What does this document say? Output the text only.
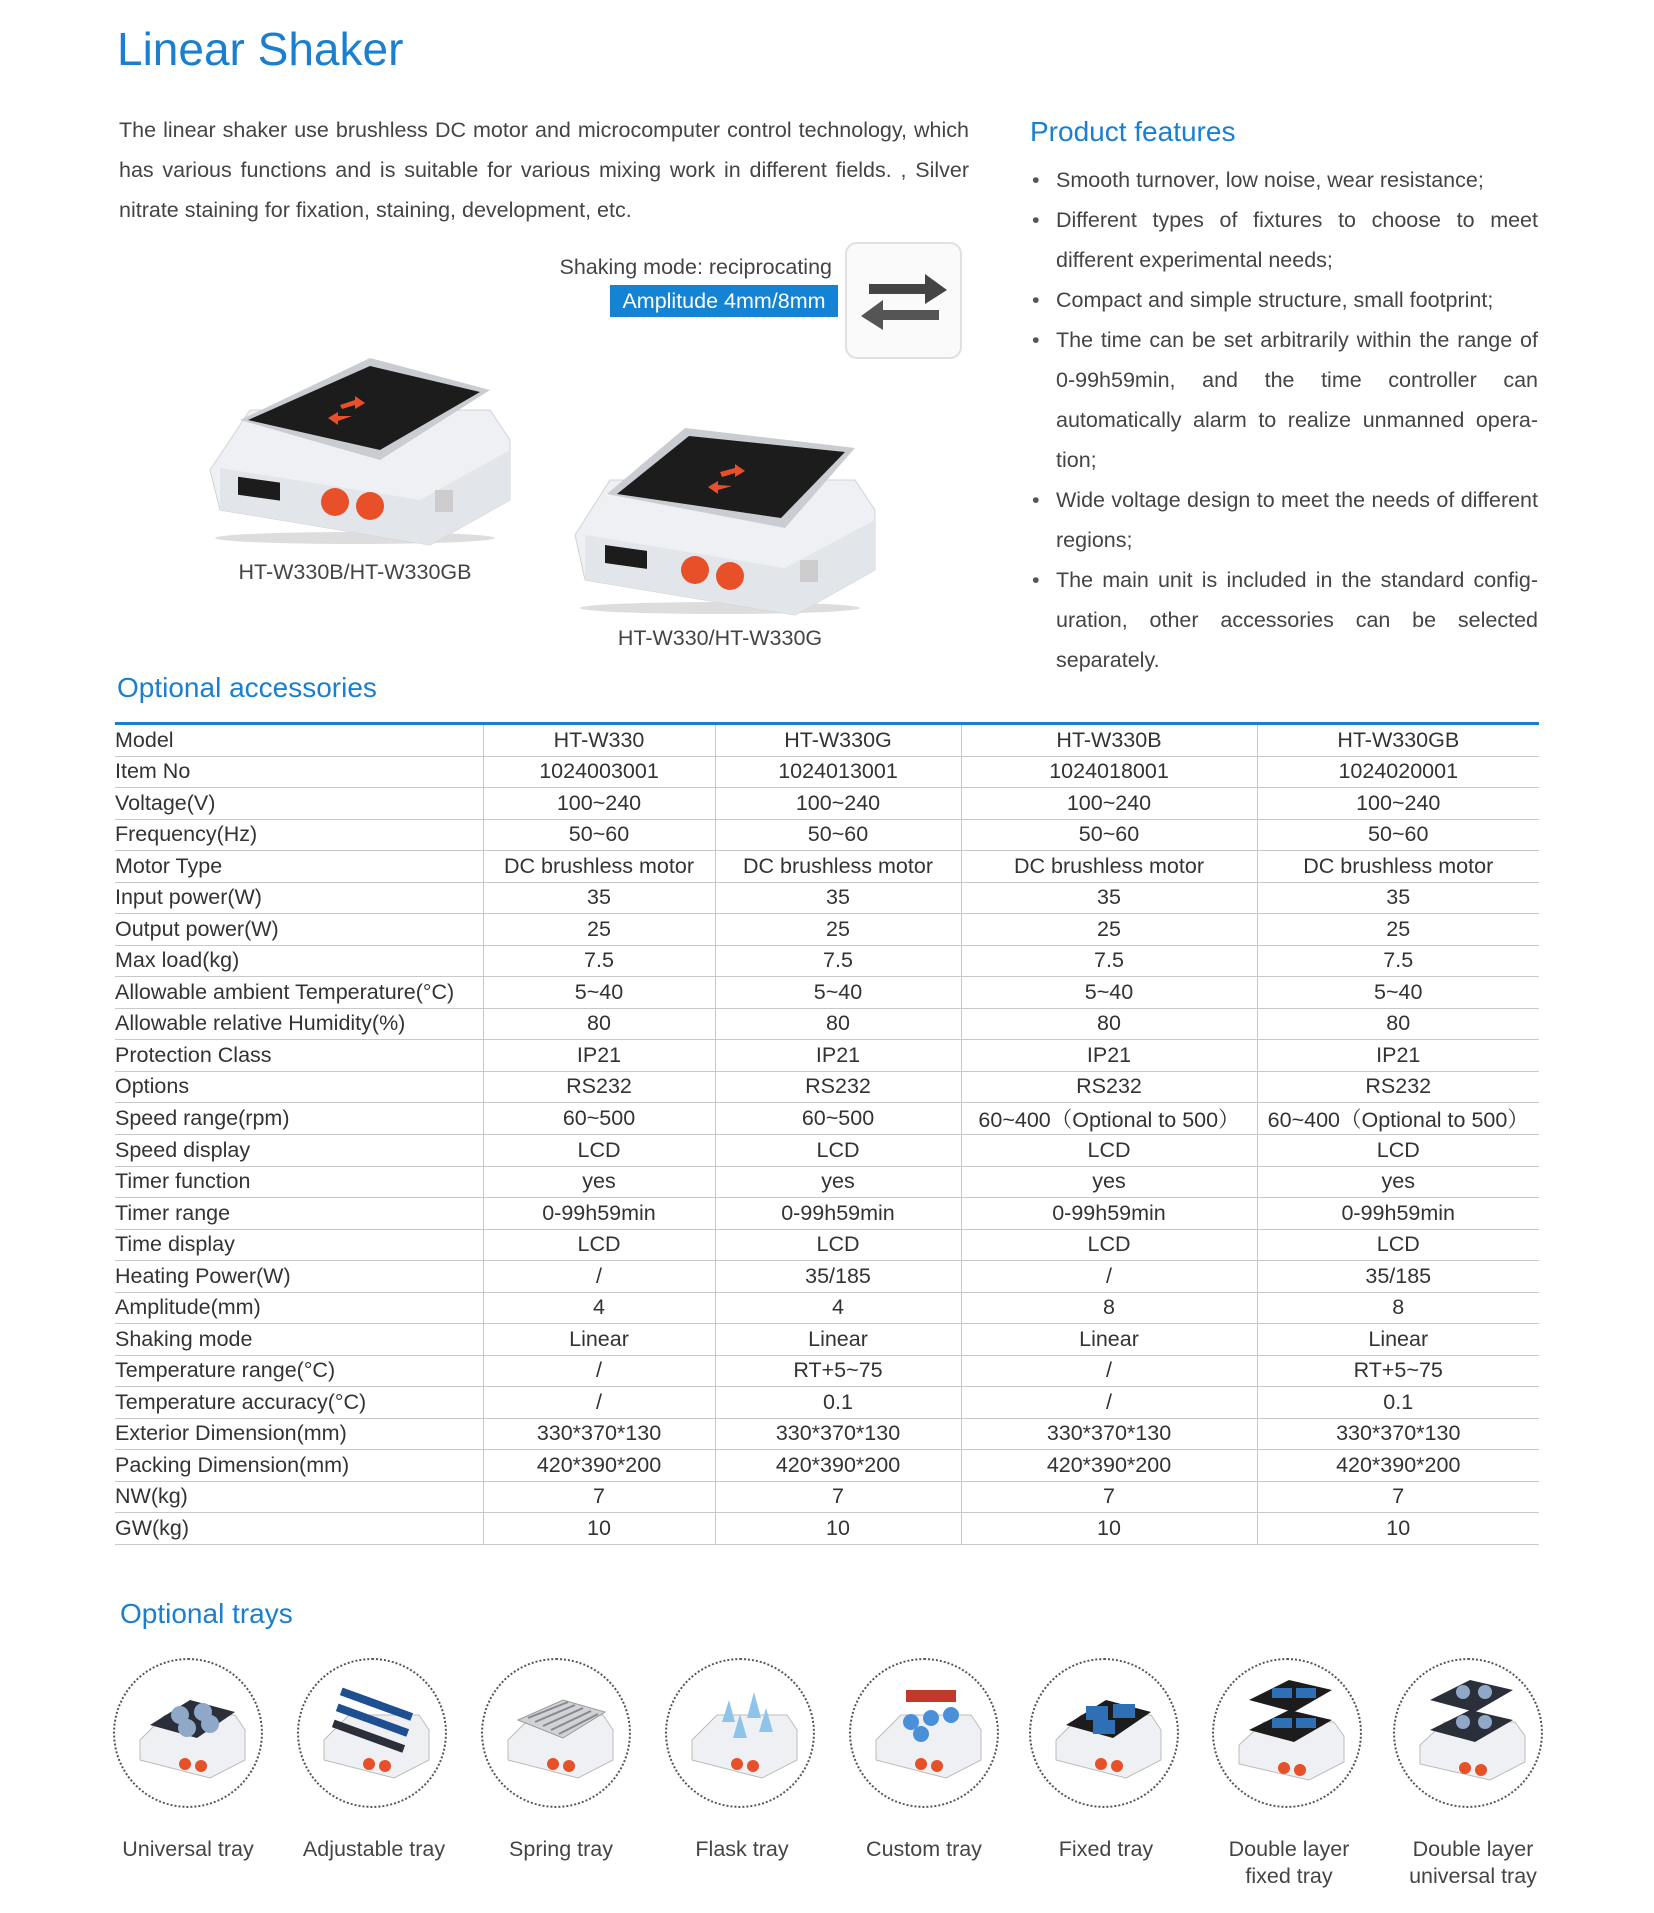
Linear Shaker

The linear shaker use brushless DC motor and microcomputer control technology, which has various functions and is suitable for various mixing work in different fields. , Silver nitrate staining for fixation, staining, development, etc.

Shaking mode: reciprocating
Amplitude 4mm/8mm
HT-W330B/HT-W330GB
HT-W330/HT-W330G
Product features
• Smooth turnover, low noise, wear resistance;
• Different types of fixtures to choose to meet different experimental needs;
• Compact and simple structure, small footprint;
• The time can be set arbitrarily within the range of 0-99h59min, and the time controller can automatically alarm to realize unmanned opera-tion;
• Wide voltage design to meet the needs of different regions;
• The main unit is included in the standard config-uration, other accessories can be selected separately.
Optional accessories
Model	HT-W330	HT-W330G	HT-W330B	HT-W330GB
Item No	1024003001	1024013001	1024018001	1024020001
Voltage(V)	100~240	100~240	100~240	100~240
Frequency(Hz)	50~60	50~60	50~60	50~60
Motor Type	DC brushless motor	DC brushless motor	DC brushless motor	DC brushless motor
Input power(W)	35	35	35	35
Output power(W)	25	25	25	25
Max load(kg)	7.5	7.5	7.5	7.5
Allowable ambient Temperature(°C)	5~40	5~40	5~40	5~40
Allowable relative Humidity(%)	80	80	80	80
Protection Class	IP21	IP21	IP21	IP21
Options	RS232	RS232	RS232	RS232
Speed range(rpm)	60~500	60~500	60~400（Optional to 500）	60~400（Optional to 500）
Speed display	LCD	LCD	LCD	LCD
Timer function	yes	yes	yes	yes
Timer range	0-99h59min	0-99h59min	0-99h59min	0-99h59min
Time display	LCD	LCD	LCD	LCD
Heating Power(W)	/	35/185	/	35/185
Amplitude(mm)	4	4	8	8
Shaking mode	Linear	Linear	Linear	Linear
Temperature range(°C)	/	RT+5~75	/	RT+5~75
Temperature accuracy(°C)	/	0.1	/	0.1
Exterior Dimension(mm)	330*370*130	330*370*130	330*370*130	330*370*130
Packing Dimension(mm)	420*390*200	420*390*200	420*390*200	420*390*200
NW(kg)	7	7	7	7
GW(kg)	10	10	10	10
Optional trays
Universal tray	Adjustable tray	Spring tray	Flask tray	Custom tray	Fixed tray	Double layer fixed tray
Double layer universal tray
